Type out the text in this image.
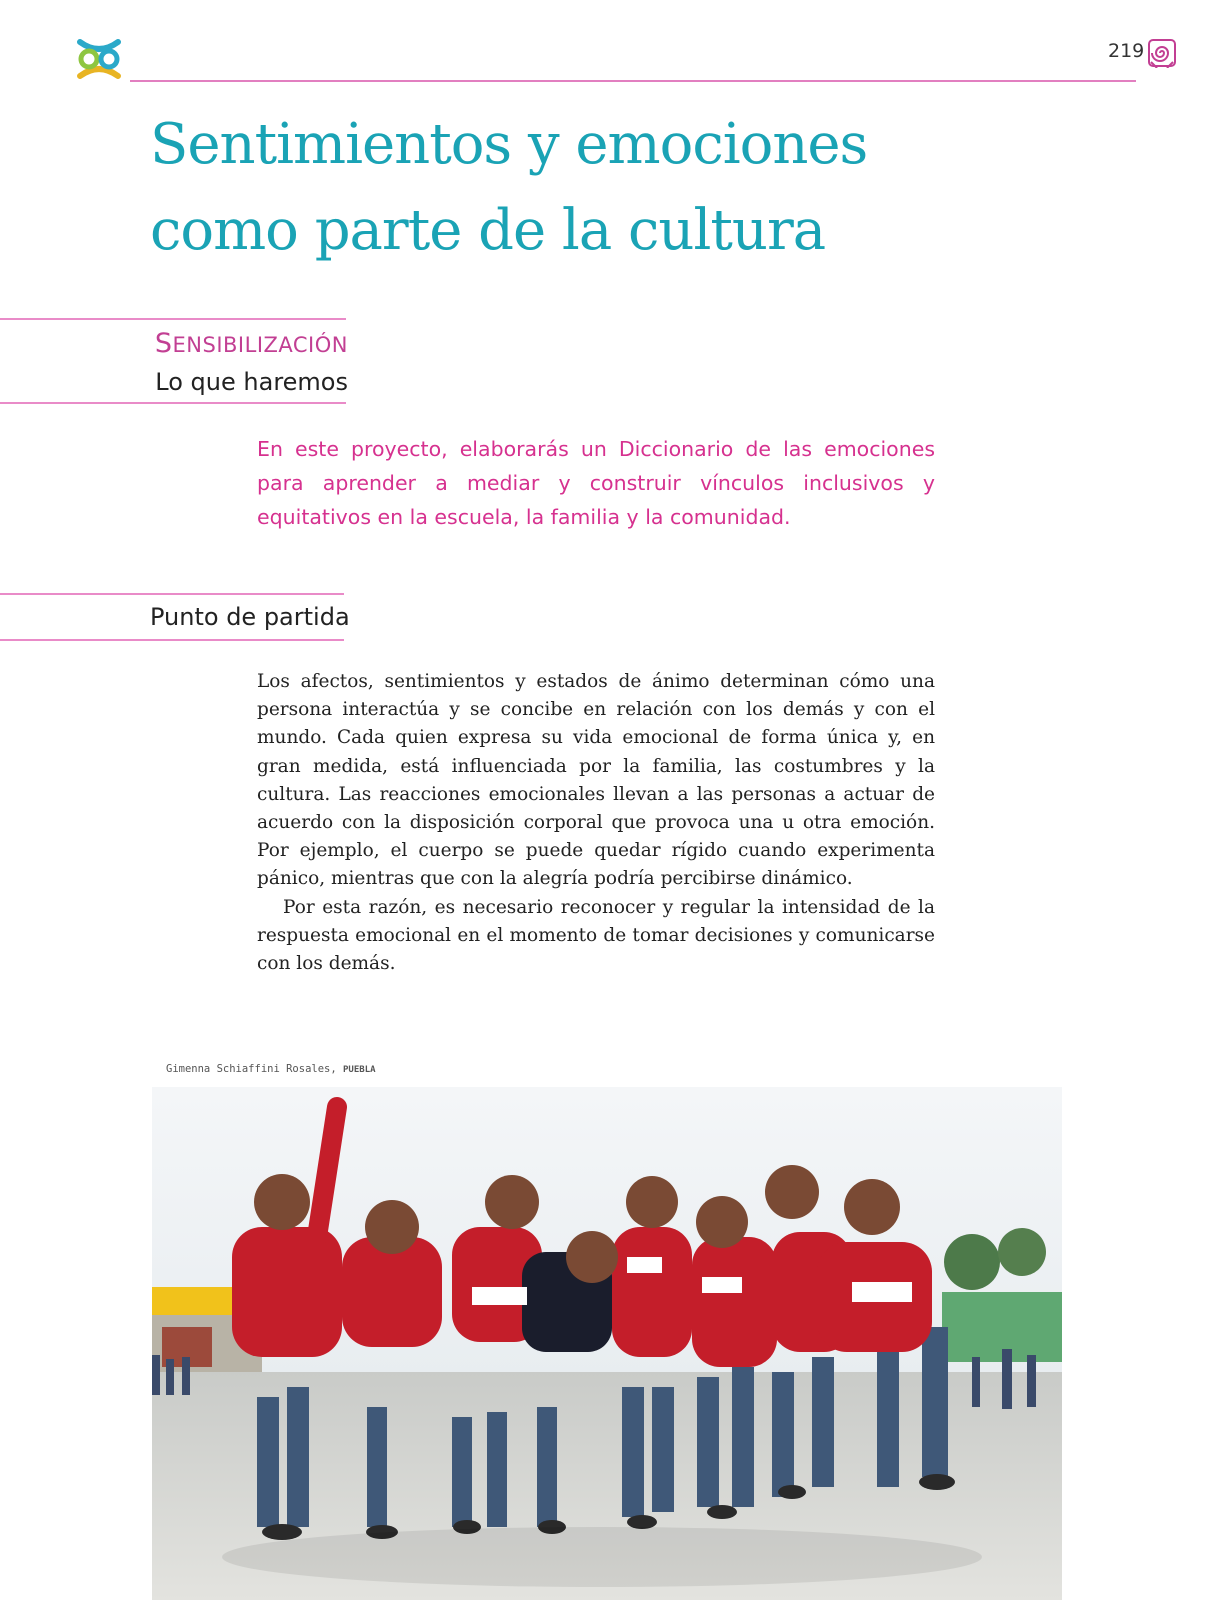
219
Sentimientos y emociones
como parte de la cultura
SENSIBILIZACIÓN
Lo que haremos

En este proyecto, elaborarás un Diccionario de las emociones para aprender a mediar y construir vínculos inclusivos y equitativos en la escuela, la familia y la comunidad.

Punto de partida

Los afectos, sentimientos y estados de ánimo determinan cómo una persona interactúa y se concibe en relación con los demás y con el mundo. Cada quien expresa su vida emocional de forma única y, en gran medida, está influenciada por la familia, las costumbres y la cultura. Las reacciones emocionales llevan a las personas a actuar de acuerdo con la disposición corporal que provoca una u otra emoción. Por ejemplo, el cuerpo se puede quedar rígido cuando experimenta pánico, mientras que con la alegría podría percibirse dinámico.

Por esta razón, es necesario reconocer y regular la intensidad de la respuesta emocional en el momento de tomar decisiones y comunicarse con los demás.

Gimenna Schiaffini Rosales, PUEBLA
